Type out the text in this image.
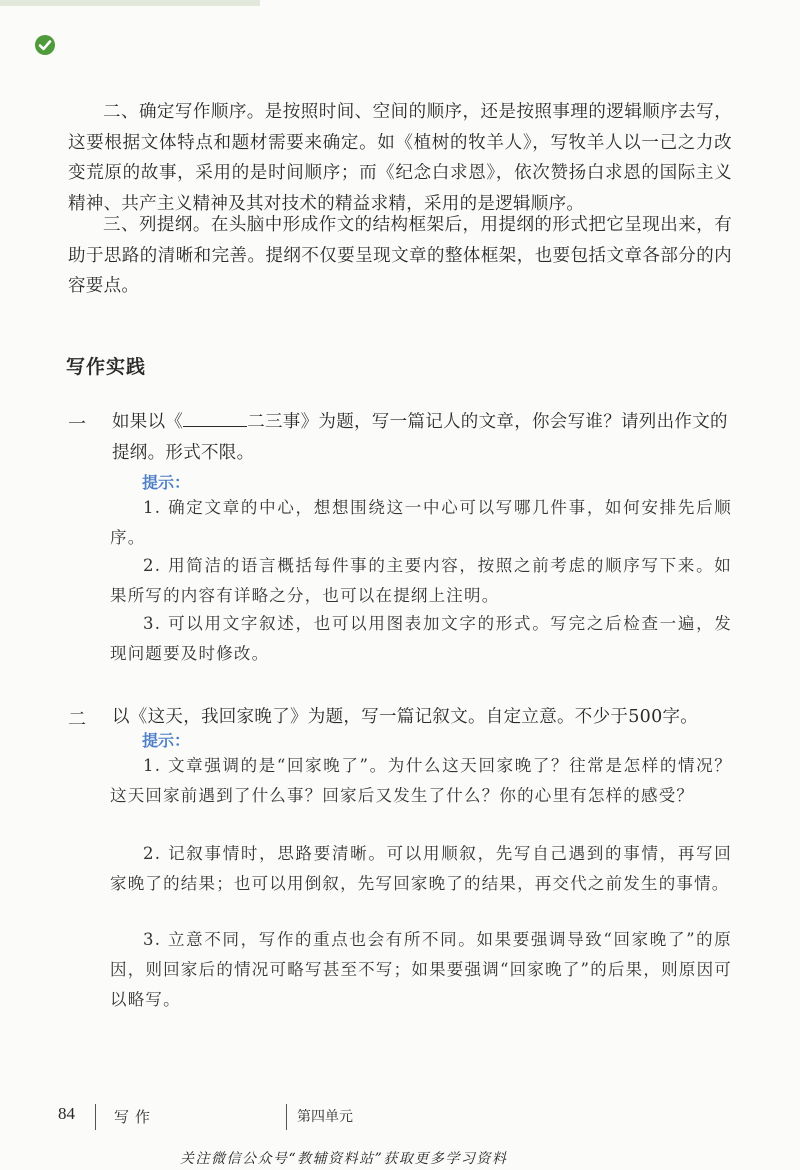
二、确定写作顺序。是按照时间、空间的顺序，还是按照事理的逻辑顺序去写，这要根据文体特点和题材需要来确定。如《植树的牧羊人》，写牧羊人以一己之力改变荒原的故事，采用的是时间顺序；而《纪念白求恩》，依次赞扬白求恩的国际主义精神、共产主义精神及其对技术的精益求精，采用的是逻辑顺序。

三、列提纲。在头脑中形成作文的结构框架后，用提纲的形式把它呈现出来，有助于思路的清晰和完善。提纲不仅要呈现文章的整体框架，也要包括文章各部分的内容要点。

写作实践
一 如果以《	二三事》为题，写一篇记人的文章，你会写谁？请列出作文的提纲。形式不限。

提示：

1. 确定文章的中心，想想围绕这一中心可以写哪几件事，如何安排先后顺序。

2. 用简洁的语言概括每件事的主要内容，按照之前考虑的顺序写下来。如果所写的内容有详略之分，也可以在提纲上注明。

3. 可以用文字叙述，也可以用图表加文字的形式。写完之后检查一遍，发现问题要及时修改。

二 以《这天，我回家晚了》为题，写一篇记叙文。自定立意。不少于500字。

提示：

1. 文章强调的是“回家晚了”。为什么这天回家晚了？往常是怎样的情况？这天回家前遇到了什么事？回家后又发生了什么？你的心里有怎样的感受？

2. 记叙事情时，思路要清晰。可以用顺叙，先写自己遇到的事情，再写回家晚了的结果；也可以用倒叙，先写回家晚了的结果，再交代之前发生的事情。

3. 立意不同，写作的重点也会有所不同。如果要强调导致“回家晚了”的原因，则回家后的情况可略写甚至不写；如果要强调“回家晚了”的后果，则原因可以略写。

84	写作	第四单元
关注微信公众号“教辅资料站”获取更多学习资料
